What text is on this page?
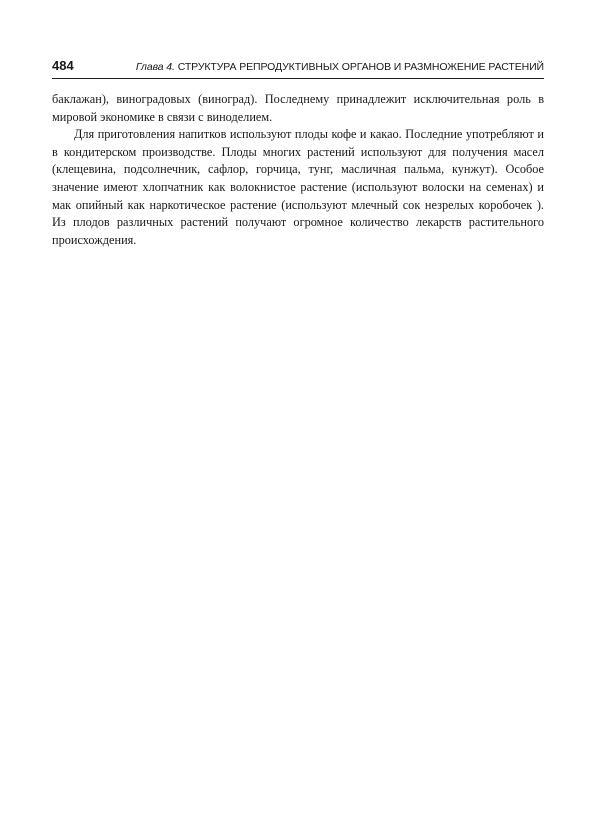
484	Глава 4. СТРУКТУРА РЕПРОДУКТИВНЫХ ОРГАНОВ И РАЗМНОЖЕНИЕ РАСТЕНИЙ

баклажан), виноградовых (виноград). Последнему принадлежит исключительная роль в мировой экономике в связи с виноделием.

Для приготовления напитков используют плоды кофе и какао. Последние употребляют и в кондитерском производстве. Плоды многих растений используют для получения масел (клещевина, подсолнечник, сафлор, горчица, тунг, масличная пальма, кунжут). Особое значение имеют хлопчатник как волокнистое растение (используют волоски на семенах) и мак опийный как наркотическое растение (используют млечный сок незрелых коробочек ). Из плодов различных растений получают огромное количество лекарств растительного происхождения.
